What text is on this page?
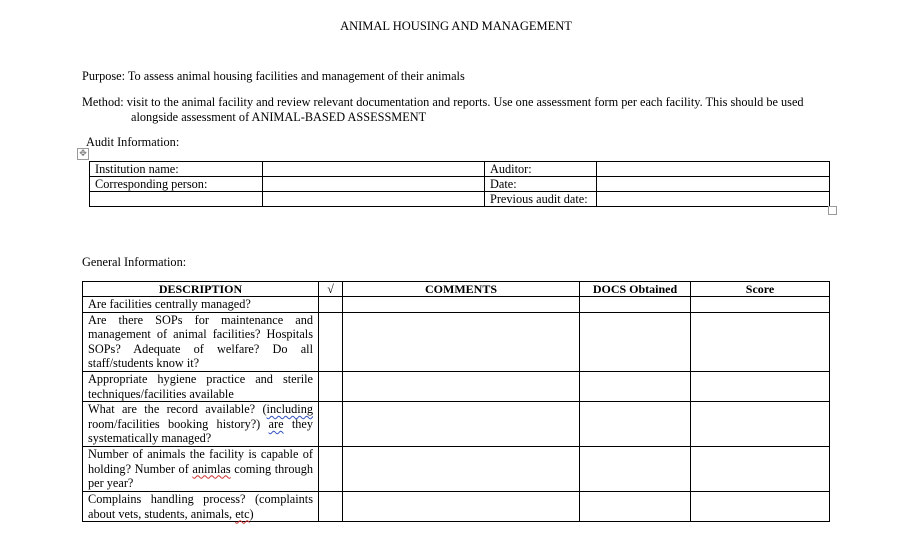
ANIMAL HOUSING AND MANAGEMENT
Purpose: To assess animal housing facilities and management of their animals
Method: visit to the animal facility and review relevant documentation and reports. Use one assessment form per each facility. This should be used
alongside assessment of ANIMAL-BASED ASSESSMENT
Audit Information:
✥
Institution name:		Auditor:	
Corresponding person:		Date:	
		Previous audit date:	
General Information:
DESCRIPTION	√	COMMENTS	DOCS Obtained	Score
Are facilities centrally managed?				
Are there SOPs for maintenance and management of animal facilities? Hospitals SOPs? Adequate of welfare? Do all staff/students know it?				
Appropriate hygiene practice and sterile techniques/facilities available				
What are the record available? (including room/facilities booking history?) are they systematically managed?				
Number of animals the facility is capable of holding? Number of animlas coming through per year?				
Complains handling process? (complaints about vets, students, animals, etc)				
